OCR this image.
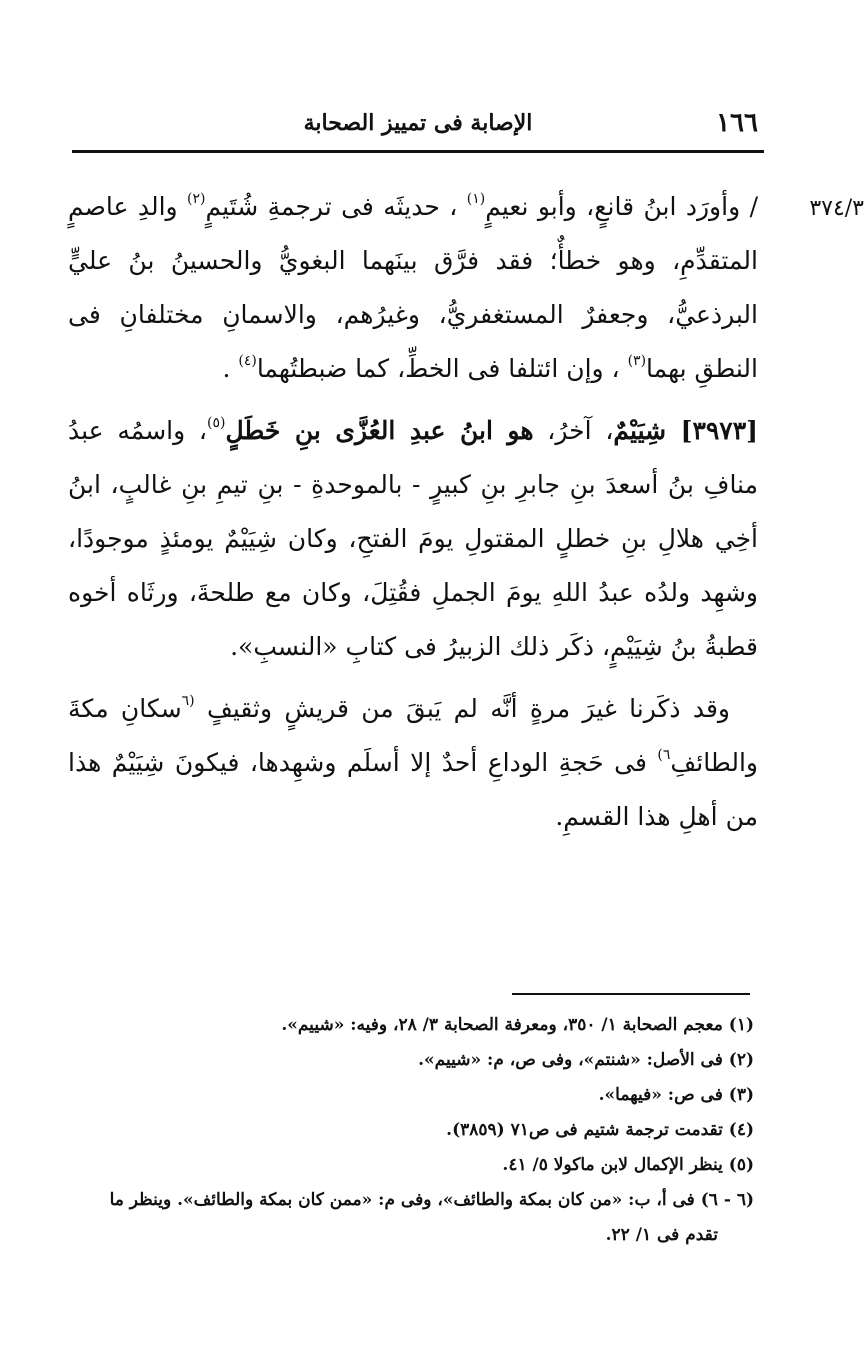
١٦٦
الإصابة فى تمييز الصحابة
٣٧٤/٣

/ وأورَد ابنُ قانعٍ، وأبو نعيمٍ$^{(١)}$ ، حديثَه فى ترجمةِ شُتَيمٍ$^{(٢)}$ والدِ عاصمٍ المتقدِّمِ، وهو خطأٌ؛ فقد فرَّق بينَهما البغويُّ والحسينُ بنُ عليٍّ البرذعيُّ، وجعفرٌ المستغفريُّ، وغيرُهم، والاسمانِ مختلفانِ فى النطقِ بهما$^{(٣)}$ ، وإن ائتلفا فى الخطِّ، كما ضبطتُهما$^{(٤)}$ .

[٣٩٧٣] شِيَيْمٌ، آخرُ، هو ابنُ عبدِ العُزَّى بنِ خَطَلٍ$^{(٥)}$، واسمُه عبدُ منافِ بنُ أسعدَ بنِ جابرِ بنِ كبيرٍ - بالموحدةِ - بنِ تيمِ بنِ غالبٍ، ابنُ أخِي هلالِ بنِ خطلٍ المقتولِ يومَ الفتحِ، وكان شِيَيْمٌ يومئذٍ موجودًا، وشهِد ولدُه عبدُ اللهِ يومَ الجملِ فقُتِلَ، وكان مع طلحةَ، ورثَاه أخوه قطبةُ بنُ شِيَيْمٍ، ذكَر ذلك الزبيرُ فى كتابِ «النسبِ».

وقد ذكَرنا غيرَ مرةٍ أنَّه لم يَبقَ من قريشٍ وثقيفٍ $^{(٦}$سكانِ مكةَ والطائفِ$^{٦)}$ فى حَجةِ الوداعِ أحدٌ إلا أسلَم وشهِدها، فيكونَ شِيَيْمٌ هذا من أهلِ هذا القسمِ.

(١) معجم الصحابة ١/ ٣٥٠، ومعرفة الصحابة ٣/ ٢٨، وفيه: «شييم».

(٢) فى الأصل: «شنتم»، وفى ص، م: «شييم».

(٣) فى ص: «فيهما».

(٤) تقدمت ترجمة شتيم فى ص٧١ (٣٨٥٩).

(٥) ينظر الإكمال لابن ماكولا ٥/ ٤١.

(٦ - ٦) فى أ، ب: «من كان بمكة والطائف»، وفى م: «ممن كان بمكة والطائف». وينظر ما
تقدم فى ١/ ٢٢.
